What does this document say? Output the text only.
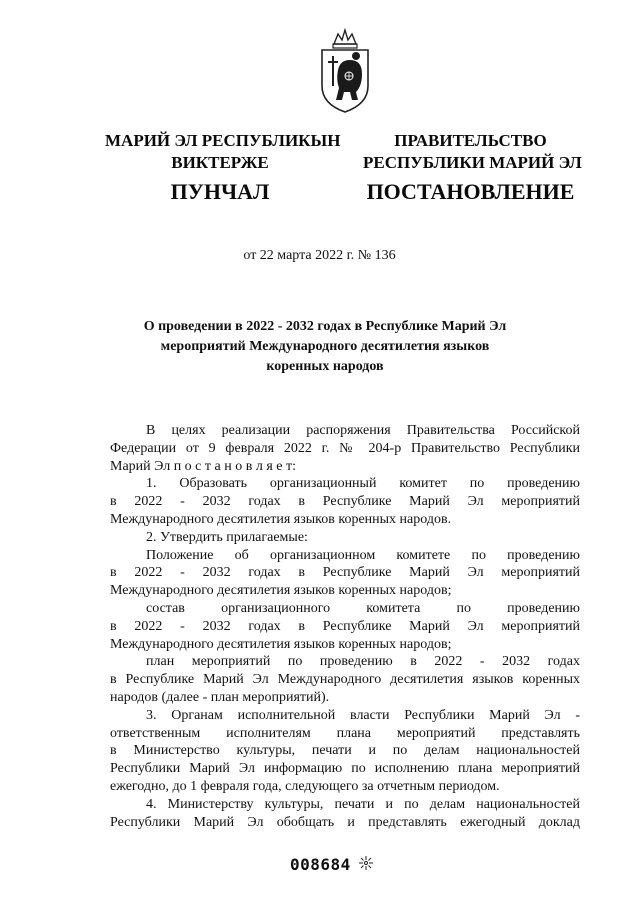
МАРИЙ ЭЛ РЕСПУБЛИКЫН
ВИКТЕРЖЕ
ПУНЧАЛ
ПРАВИТЕЛЬСТВО
РЕСПУБЛИКИ МАРИЙ ЭЛ
ПОСТАНОВЛЕНИЕ
от 22 марта 2022 г. № 136
О проведении в 2022 - 2032 годах в Республике Марий Эл
мероприятий Международного десятилетия языков
коренных народов
В целях реализации распоряжения Правительства Российской
Федерации от 9 февраля 2022 г. № 204-р Правительство Республики
Марий Эл п о с т а н о в л я е т:
1. Образовать организационный комитет по проведению
в 2022 - 2032 годах в Республике Марий Эл мероприятий
Международного десятилетия языков коренных народов.
2. Утвердить прилагаемые:
Положение об организационном комитете по проведению
в 2022 - 2032 годах в Республике Марий Эл мероприятий
Международного десятилетия языков коренных народов;
состав организационного комитета по проведению
в 2022 - 2032 годах в Республике Марий Эл мероприятий
Международного десятилетия языков коренных народов;
план мероприятий по проведению в 2022 - 2032 годах
в Республике Марий Эл Международного десятилетия языков коренных
народов (далее - план мероприятий).
3. Органам исполнительной власти Республики Марий Эл -
ответственным исполнителям плана мероприятий представлять
в Министерство культуры, печати и по делам национальностей
Республики Марий Эл информацию по исполнению плана мероприятий
ежегодно, до 1 февраля года, следующего за отчетным периодом.
4. Министерству культуры, печати и по делам национальностей
Республики Марий Эл обобщать и представлять ежегодный доклад
008684
